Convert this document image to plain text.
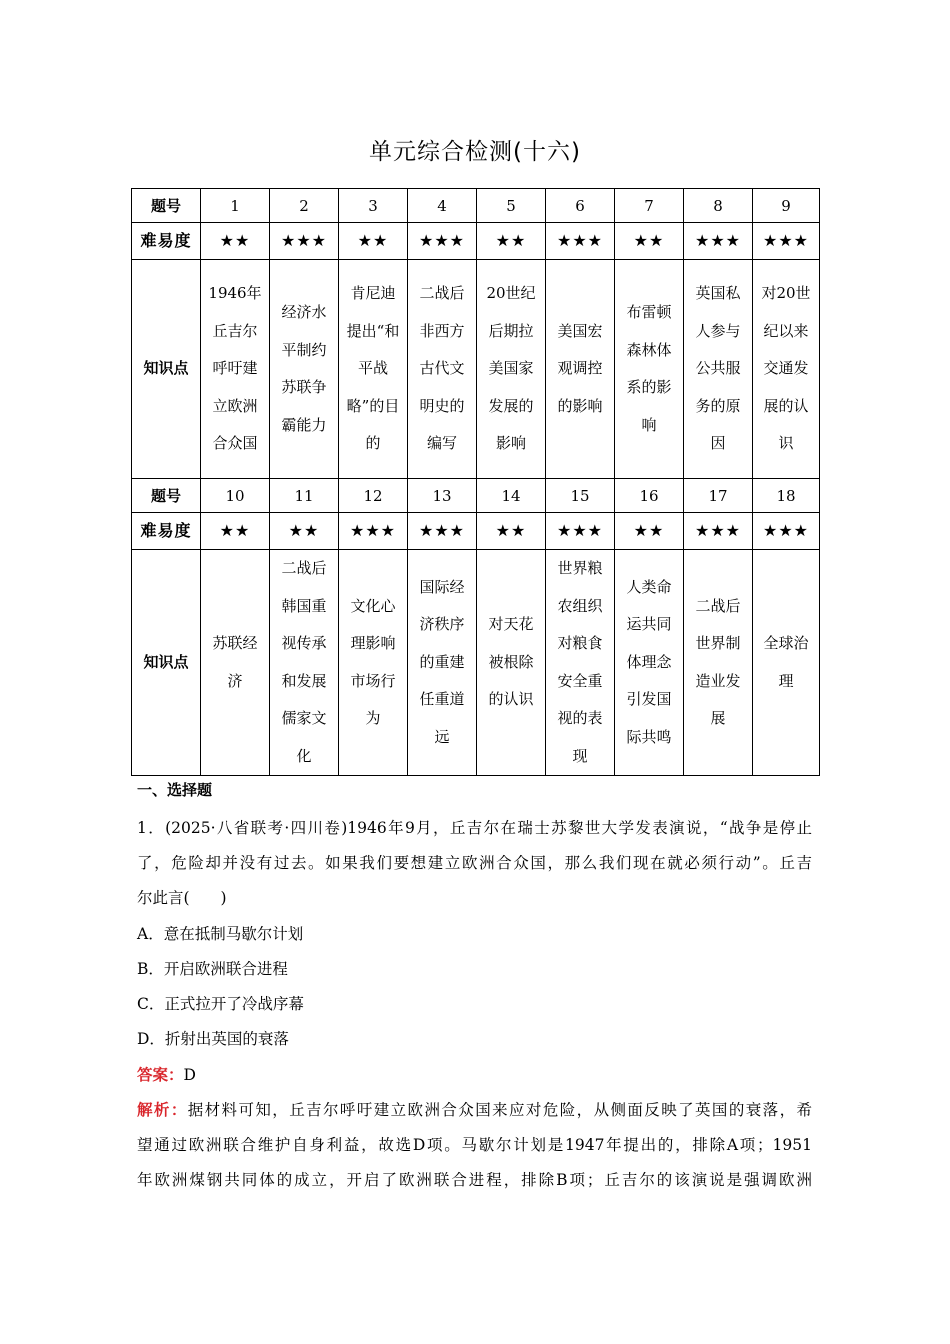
单元综合检测(十六)
题号	1	2	3	4	5	6	7	8	9
难易度	★★	★★★	★★	★★★	★★	★★★	★★	★★★	★★★
知识点	1946年丘吉尔呼吁建立欧洲合众国	经济水平制约苏联争霸能力	肯尼迪提出“和平战略”的目的	二战后非西方古代文明史的编写	20世纪后期拉美国家发展的影响	美国宏观调控的影响	布雷顿森林体系的影响	英国私人参与公共服务的原因	对20世纪以来交通发展的认识
题号	10	11	12	13	14	15	16	17	18
难易度	★★	★★	★★★	★★★	★★	★★★	★★	★★★	★★★
知识点	苏联经济	二战后韩国重视传承和发展儒家文化	文化心理影响市场行为	国际经济秩序的重建任重道远	对天花被根除的认识	世界粮农组织对粮食安全重视的表现	人类命运共同体理念引发国际共鸣	二战后世界制造业发展	全球治理
一、选择题
1．(2025·八省联考·四川卷)1946年9月，丘吉尔在瑞士苏黎世大学发表演说，“战争是停止
了，危险却并没有过去。如果我们要想建立欧洲合众国，那么我们现在就必须行动”。丘吉
尔此言(　　)
A．意在抵制马歇尔计划
B．开启欧洲联合进程
C．正式拉开了冷战序幕
D．折射出英国的衰落
答案：D
解析：据材料可知，丘吉尔呼吁建立欧洲合众国来应对危险，从侧面反映了英国的衰落，希
望通过欧洲联合维护自身利益，故选D项。马歇尔计划是1947年提出的，排除A项；1951
年欧洲煤钢共同体的成立，开启了欧洲联合进程，排除B项；丘吉尔的该演说是强调欧洲
